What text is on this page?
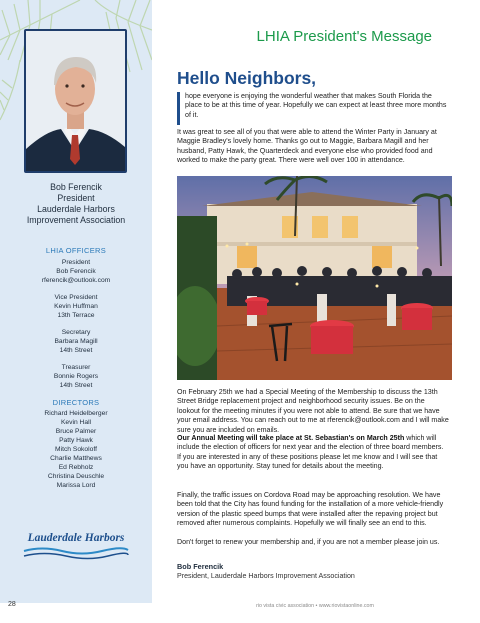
Bob Ferencik
President
Lauderdale Harbors
Improvement Association
LHIA OFFICERS
President
Bob Ferencik
rferencik@outlook.com
Vice President
Kevin Huffman
13th Terrace
Secretary
Barbara Magill
14th Street
Treasurer
Bonnie Rogers
14th Street
DIRECTORS
Richard Heidelberger
Kevin Hall
Bruce Palmer
Patty Hawk
Mitch Sokoloff
Charlie Matthews
Ed Rebholz
Christina Deuschle
Marissa Lord
Lauderdale Harbors
LHIA President's Message
Hello Neighbors,
hope everyone is enjoying the wonderful weather that makes South Florida the place to be at this time of year. Hopefully we can expect at least three more months of it.
It was great to see all of you that were able to attend the Winter Party in January at Maggie Bradley's lovely home. Thanks go out to Maggie, Barbara Magill and her husband, Patty Hawk, the Quarterdeck and everyone else who provided food and worked to make the party great. There were well over 100 in attendance.
On February 25th we had a Special Meeting of the Membership to discuss the 13th Street Bridge replacement project and neighborhood security issues. Be on the lookout for the meeting minutes if you were not able to attend. Be sure that we have your email address. You can reach out to me at rferencik@outlook.com and I will make sure you are included on emails.
Our Annual Meeting will take place at St. Sebastian's on March 25th which will include the election of officers for next year and the election of three board members. If you are interested in any of these positions please let me know and I will see that you have an opportunity. Stay tuned for details about the meeting.
Finally, the traffic issues on Cordova Road may be approaching resolution. We have been told that the City has found funding for the installation of a more vehicle-friendly version of the plastic speed bumps that were installed after the repaving project but removed after numerous complaints. Hopefully we will finally see an end to this.
Don't forget to renew your membership and, if you are not a member please join us.
Bob Ferencik
President, Lauderdale Harbors Improvement Association
28	rio vista civic association • www.riovistaonline.com
